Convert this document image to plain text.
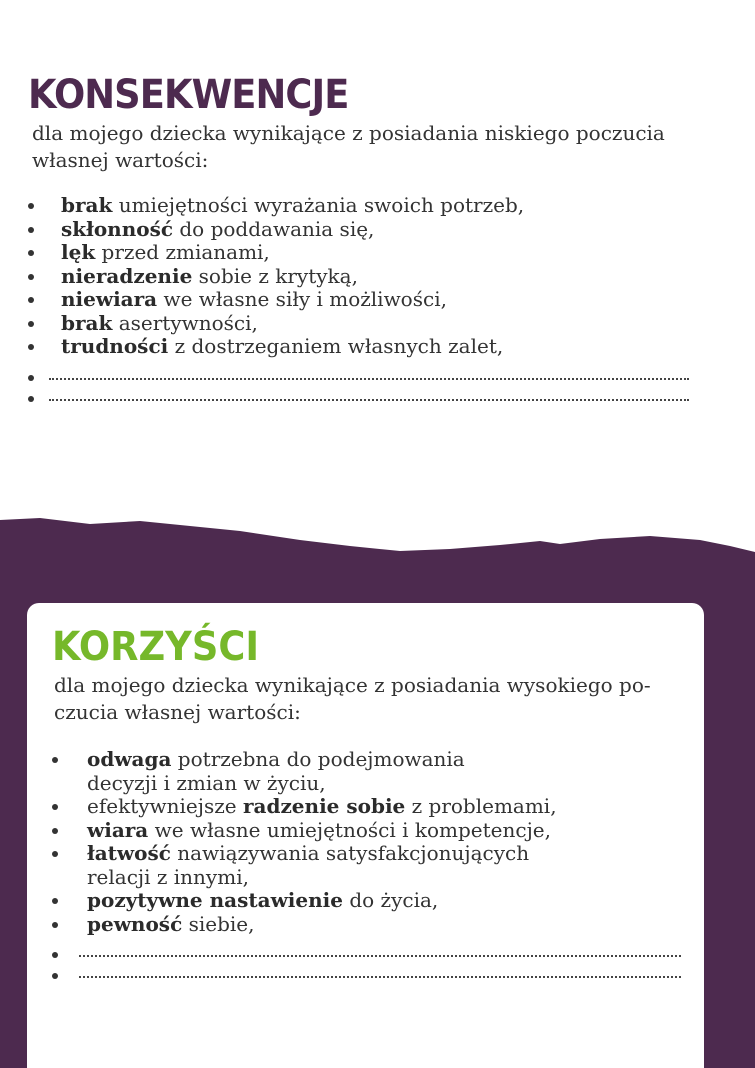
KONSEKWENCJE

dla mojego dziecka wynikające z posiadania niskiego poczucia własnej wartości:

brak umiejętności wyrażania swoich potrzeb,
skłonność do poddawania się,
lęk przed zmianami,
nieradzenie sobie z krytyką,
niewiara we własne siły i możliwości,
brak asertywności,
trudności z dostrzeganiem własnych zalet,
KORZYŚCI

dla mojego dziecka wynikające z posiadania wysokiego po-czucia własnej wartości:

odwaga potrzebna do podejmowania decyzji i zmian w życiu,
efektywniejsze radzenie sobie z problemami,
wiara we własne umiejętności i kompetencje,
łatwość nawiązywania satysfakcjonujących relacji z innymi,
pozytywne nastawienie do życia,
pewność siebie,
